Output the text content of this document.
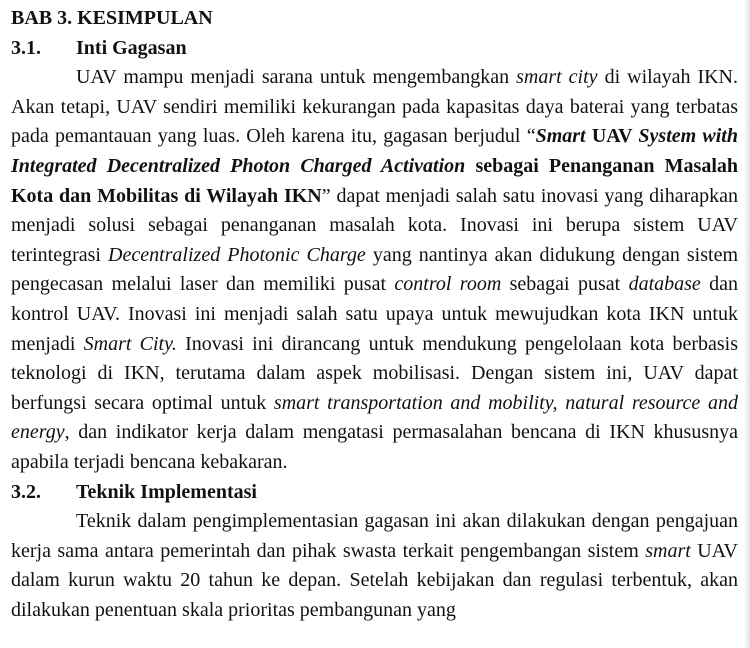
BAB 3. KESIMPULAN
3.1.	Inti Gagasan

UAV mampu menjadi sarana untuk mengembangkan smart city di wilayah IKN. Akan tetapi, UAV sendiri memiliki kekurangan pada kapasitas daya baterai yang terbatas pada pemantauan yang luas. Oleh karena itu, gagasan berjudul “Smart UAV System with Integrated Decentralized Photon Charged Activation sebagai Penanganan Masalah Kota dan Mobilitas di Wilayah IKN” dapat menjadi salah satu inovasi yang diharapkan menjadi solusi sebagai penanganan masalah kota. Inovasi ini berupa sistem UAV terintegrasi Decentralized Photonic Charge yang nantinya akan didukung dengan sistem pengecasan melalui laser dan memiliki pusat control room sebagai pusat database dan kontrol UAV. Inovasi ini menjadi salah satu upaya untuk mewujudkan kota IKN untuk menjadi Smart City. Inovasi ini dirancang untuk mendukung pengelolaan kota berbasis teknologi di IKN, terutama dalam aspek mobilisasi. Dengan sistem ini, UAV dapat berfungsi secara optimal untuk smart transportation and mobility, natural resource and energy, dan indikator kerja dalam mengatasi permasalahan bencana di IKN khususnya apabila terjadi bencana kebakaran.

3.2.	Teknik Implementasi

Teknik dalam pengimplementasian gagasan ini akan dilakukan dengan pengajuan kerja sama antara pemerintah dan pihak swasta terkait pengembangan sistem smart UAV dalam kurun waktu 20 tahun ke depan. Setelah kebijakan dan regulasi terbentuk, akan dilakukan penentuan skala prioritas pembangunan yang
